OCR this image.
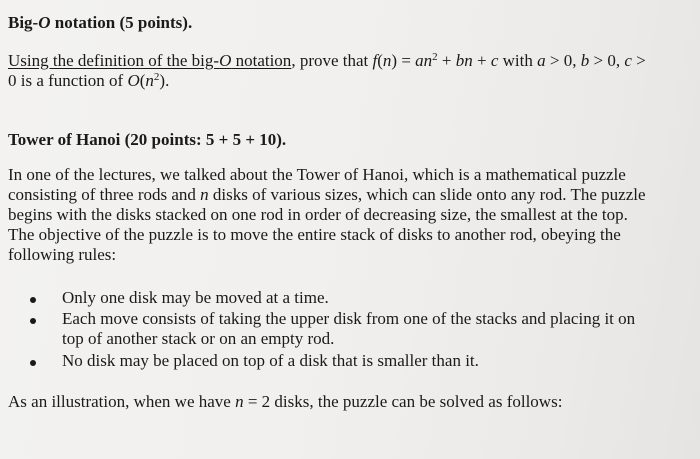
Big-O notation (5 points).
Using the definition of the big-O notation, prove that $f(n) = an^2$ + bn + c with a > 0, b > 0, c >
0 is a function of $O(n^2)$.
Tower of Hanoi (20 points: 5 + 5 + 10).
In one of the lectures, we talked about the Tower of Hanoi, which is a mathematical puzzle
consisting of three rods and n disks of various sizes, which can slide onto any rod. The puzzle
begins with the disks stacked on one rod in order of decreasing size, the smallest at the top.
The objective of the puzzle is to move the entire stack of disks to another rod, obeying the
following rules:
Only one disk may be moved at a time.
Each move consists of taking the upper disk from one of the stacks and placing it on
top of another stack or on an empty rod.
No disk may be placed on top of a disk that is smaller than it.
As an illustration, when we have n = 2 disks, the puzzle can be solved as follows:
